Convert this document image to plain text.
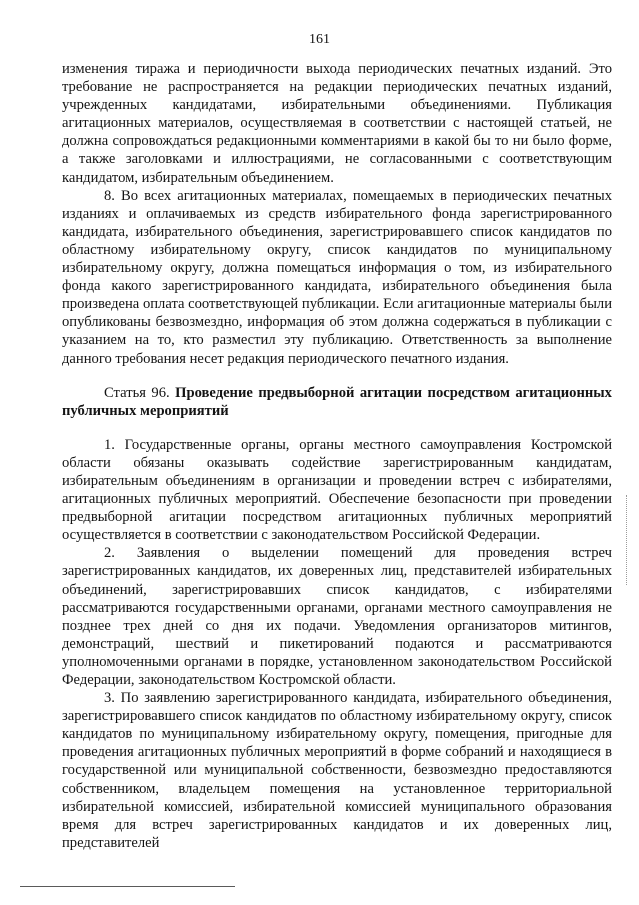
161

изменения тиража и периодичности выхода периодических печатных изданий. Это требование не распространяется на редакции периодических печатных изданий, учрежденных кандидатами, избирательными объединениями. Публикация агитационных материалов, осуществляемая в соответствии с настоящей статьей, не должна сопровождаться редакционными комментариями в какой бы то ни было форме, а также заголовками и иллюстрациями, не согласованными с соответствующим кандидатом, избирательным объединением.

8. Во всех агитационных материалах, помещаемых в периодических печатных изданиях и оплачиваемых из средств избирательного фонда зарегистрированного кандидата, избирательного объединения, зарегистрировавшего список кандидатов по областному избирательному округу, список кандидатов по муниципальному избирательному округу, должна помещаться информация о том, из избирательного фонда какого зарегистрированного кандидата, избирательного объединения была произведена оплата соответствующей публикации. Если агитационные материалы были опубликованы безвозмездно, информация об этом должна содержаться в публикации с указанием на то, кто разместил эту публикацию. Ответственность за выполнение данного требования несет редакция периодического печатного издания.

Статья 96. Проведение предвыборной агитации посредством агитационных публичных мероприятий

1. Государственные органы, органы местного самоуправления Костромской области обязаны оказывать содействие зарегистрированным кандидатам, избирательным объединениям в организации и проведении встреч с избирателями, агитационных публичных мероприятий. Обеспечение безопасности при проведении предвыборной агитации посредством агитационных публичных мероприятий осуществляется в соответствии с законодательством Российской Федерации.

2. Заявления о выделении помещений для проведения встреч зарегистрированных кандидатов, их доверенных лиц, представителей избирательных объединений, зарегистрировавших список кандидатов, с избирателями рассматриваются государственными органами, органами местного самоуправления не позднее трех дней со дня их подачи. Уведомления организаторов митингов, демонстраций, шествий и пикетирований подаются и рассматриваются уполномоченными органами в порядке, установленном законодательством Российской Федерации, законодательством Костромской области.

3. По заявлению зарегистрированного кандидата, избирательного объединения, зарегистрировавшего список кандидатов по областному избирательному округу, список кандидатов по муниципальному избирательному округу, помещения, пригодные для проведения агитационных публичных мероприятий в форме собраний и находящиеся в государственной или муниципальной собственности, безвозмездно предоставляются собственником, владельцем помещения на установленное территориальной избирательной комиссией, избирательной комиссией муниципального образования время для встреч зарегистрированных кандидатов и их доверенных лиц, представителей
